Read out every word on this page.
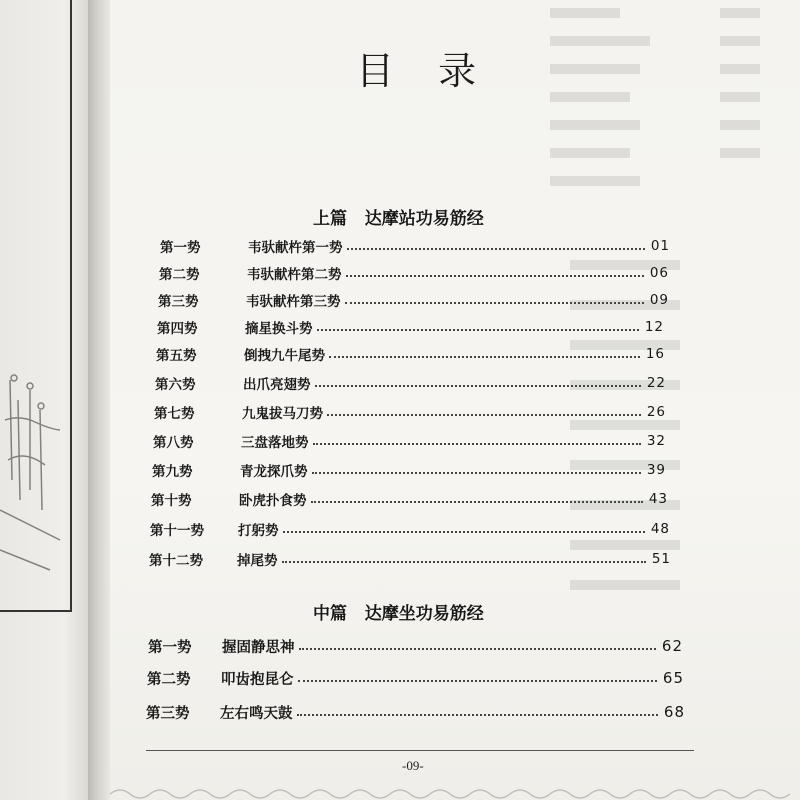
目 录
上篇   达摩站功易筋经
第一势	韦驮献杵第一势	01
第二势	韦驮献杵第二势	06
第三势	韦驮献杵第三势	09
第四势	摘星换斗势	12
第五势	倒拽九牛尾势	16
第六势	出爪亮翅势	22
第七势	九鬼拔马刀势	26
第八势	三盘落地势	32
第九势	青龙探爪势	39
第十势	卧虎扑食势	43
第十一势	打躬势	48
第十二势	掉尾势	51
中篇   达摩坐功易筋经
第一势	握固静思神	62
第二势	叩齿抱昆仑	65
第三势	左右鸣天鼓	68
-09-
